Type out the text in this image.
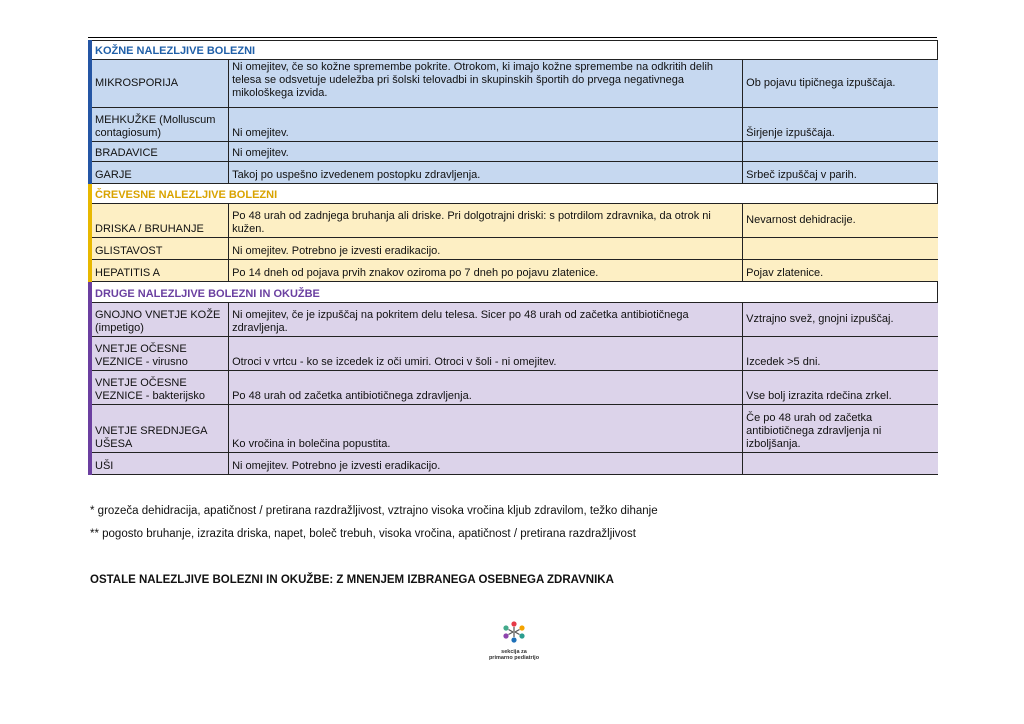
KOŽNE NALEZLJIVE BOLEZNI		
MIKROSPORIJA	Ni omejitev, če so kožne spremembe pokrite. Otrokom, ki imajo kožne spremembe na odkritih delih telesa se odsvetuje udeležba pri šolski telovadbi in skupinskih športih do prvega negativnega mikološkega izvida.	Ob pojavu tipičnega izpuščaja.
MEHKUŽKE (Molluscum contagiosum)	Ni omejitev.	Širjenje izpuščaja.
BRADAVICE	Ni omejitev.	
GARJE	Takoj po uspešno izvedenem postopku zdravljenja.	Srbeč izpuščaj v parih.
ČREVESNE NALEZLJIVE BOLEZNI		
DRISKA / BRUHANJE	Po 48 urah od zadnjega bruhanja ali driske. Pri dolgotrajni driski: s potrdilom zdravnika, da otrok ni kužen.	Nevarnost dehidracije.
GLISTAVOST	Ni omejitev. Potrebno je izvesti eradikacijo.	
HEPATITIS A	Po 14 dneh od pojava prvih znakov oziroma po 7 dneh po pojavu zlatenice.	Pojav zlatenice.
DRUGE NALEZLJIVE BOLEZNI IN OKUŽBE		
GNOJNO VNETJE KOŽE (impetigo)	Ni omejitev, če je izpuščaj na pokritem delu telesa. Sicer po 48 urah od začetka antibiotičnega zdravljenja.	Vztrajno svež, gnojni izpuščaj.
VNETJE OČESNE VEZNICE - virusno	Otroci v vrtcu - ko se izcedek iz oči umiri. Otroci v šoli - ni omejitev.	Izcedek >5 dni.
VNETJE OČESNE VEZNICE - bakterijsko	Po 48 urah od začetka antibiotičnega zdravljenja.	Vse bolj izrazita rdečina zrkel.
VNETJE SREDNJEGA UŠESA	Ko vročina in bolečina popustita.	Če po 48 urah od začetka antibiotičnega zdravljenja ni izboljšanja.
UŠI	Ni omejitev. Potrebno je izvesti eradikacijo.	
* grozeča dehidracija, apatičnost / pretirana razdražljivost, vztrajno visoka vročina kljub zdravilom, težko dihanje
** pogosto bruhanje, izrazita driska, napet, boleč trebuh, visoka vročina, apatičnost / pretirana razdražljivost
OSTALE NALEZLJIVE BOLEZNI IN OKUŽBE: Z MNENJEM IZBRANEGA OSEBNEGA ZDRAVNIKA
sekcija za
primarno pediatrijo
